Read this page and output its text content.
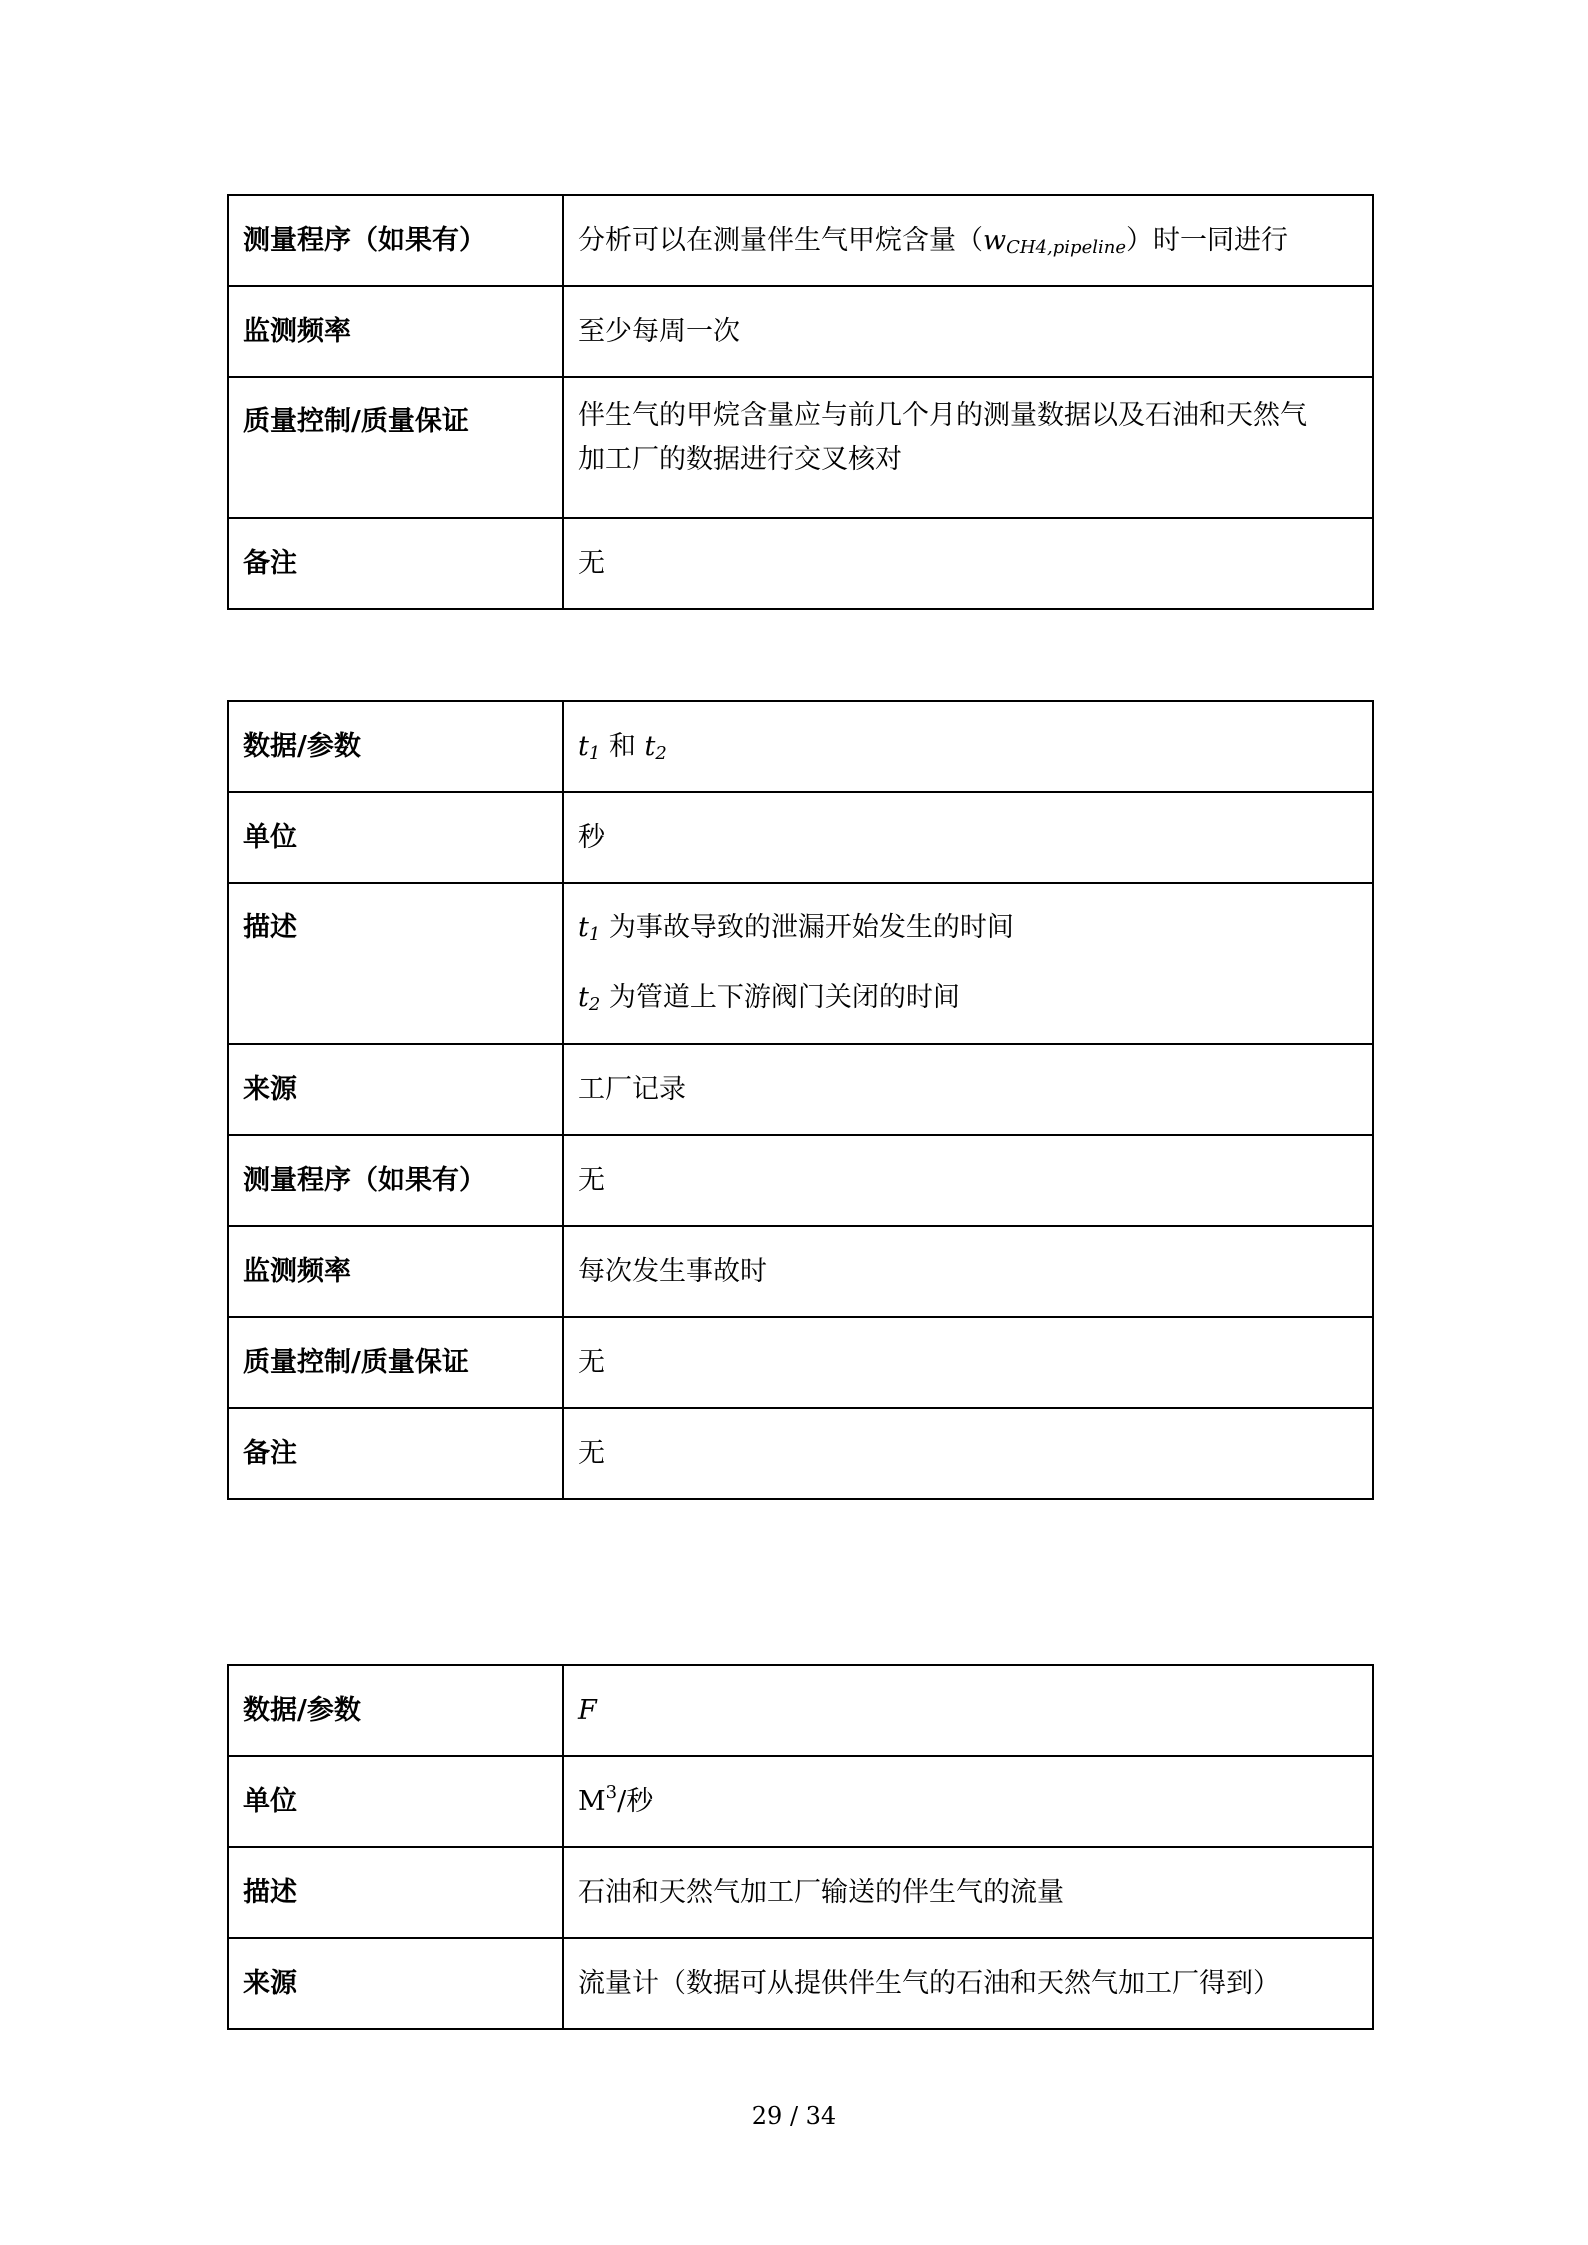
测量程序（如果有）	分析可以在测量伴生气甲烷含量$(w_{CH4,pipeline})$时一同进行
监测频率	至少每周一次
质量控制/质量保证	伴生气的甲烷含量应与前几个月的测量数据以及石油和天然气
加工厂的数据进行交叉核对

备注	无
数据/参数	$t_1$ 和 $t_2$
单位	秒
描述	$t_1$ 为事故导致的泄漏开始发生的时间
$t_2$ 为管道上下游阀门关闭的时间

来源	工厂记录
测量程序（如果有）	无
监测频率	每次发生事故时
质量控制/质量保证	无
备注	无
数据/参数	F
单位	$M^3/$秒
描述	石油和天然气加工厂输送的伴生气的流量
来源	流量计（数据可从提供伴生气的石油和天然气加工厂得到）
29 / 34
